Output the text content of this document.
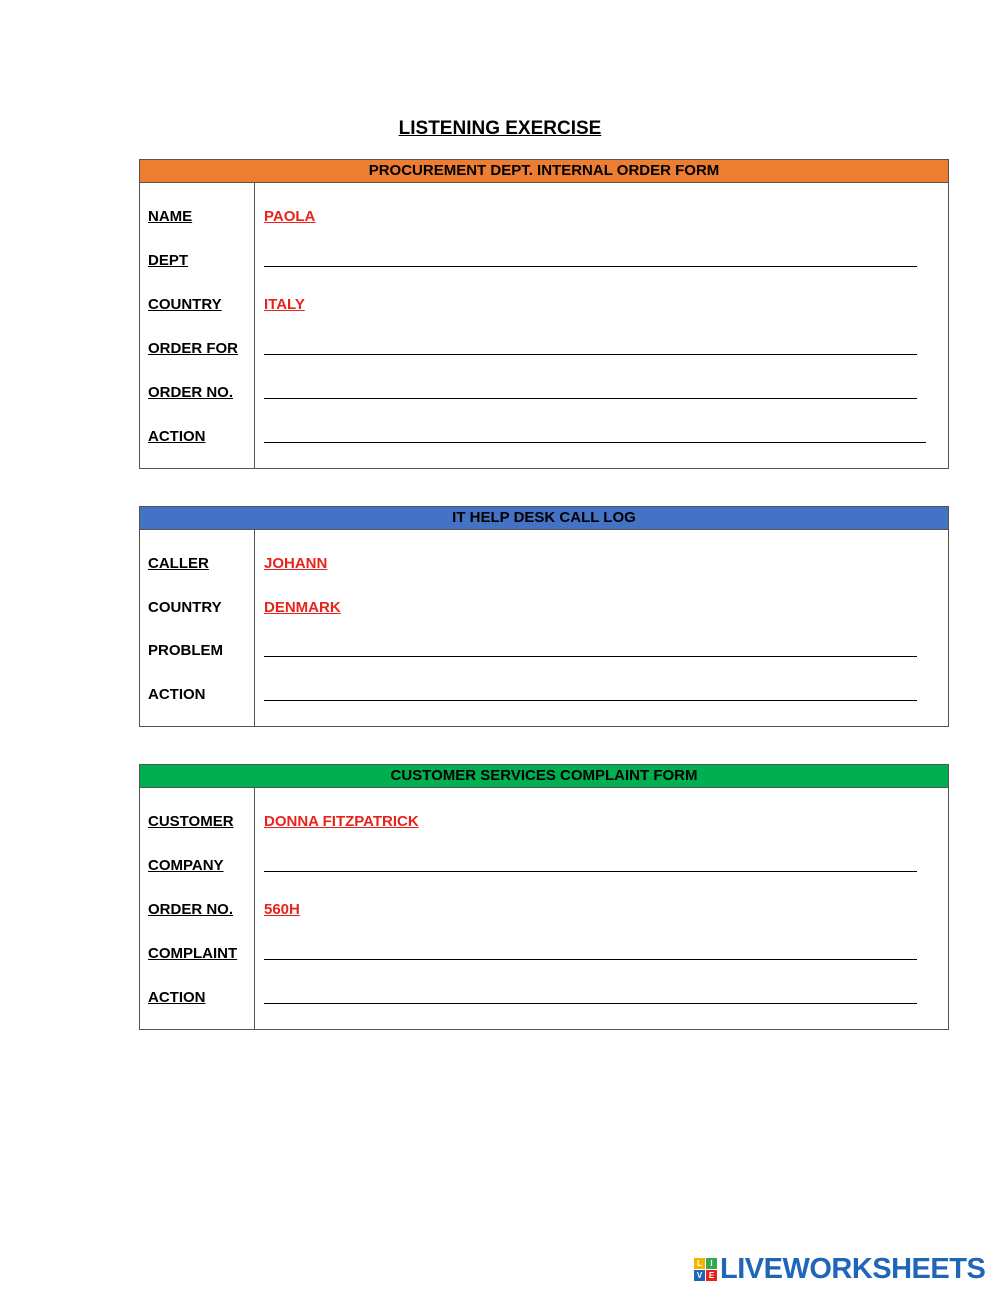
LISTENING EXERCISE
PROCUREMENT DEPT. INTERNAL ORDER FORM
NAME	PAOLA
DEPT
COUNTRY	ITALY
ORDER FOR
ORDER NO.
ACTION
IT HELP DESK CALL LOG
CALLER	JOHANN
COUNTRY	DENMARK
PROBLEM
ACTION
CUSTOMER SERVICES COMPLAINT FORM
CUSTOMER DONNA FITZPATRICK
COMPANY
ORDER NO. 560H
COMPLAINT
ACTION
L	I
V E LIVEWORKSHEETS
